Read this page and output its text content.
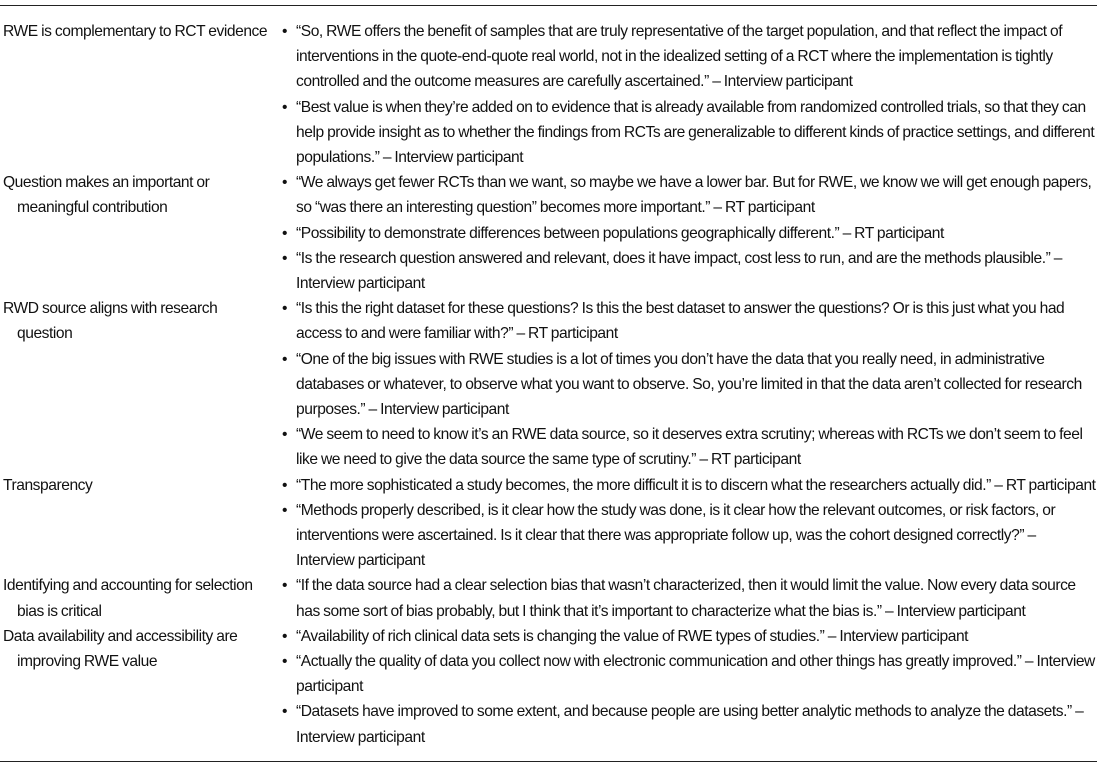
RWE is complementary to RCT evidence • “So, RWE offers the benefit of samples that are truly representative of the target population, and that reflect the impact of interventions in the quote-end-quote real world, not in the idealized setting of a RCT where the implementation is tightly controlled and the outcome measures are carefully ascertained.” – Interview participant
• “Best value is when they’re added on to evidence that is already available from randomized controlled trials, so that they can help provide insight as to whether the findings from RCTs are generalizable to different kinds of practice settings, and different populations.” – Interview participant
Question makes an important or meaningful contribution
• “We always get fewer RCTs than we want, so maybe we have a lower bar. But for RWE, we know we will get enough papers, so “was there an interesting question” becomes more important.” – RT participant
• “Possibility to demonstrate differences between populations geographically different.” – RT participant
• “Is the research question answered and relevant, does it have impact, cost less to run, and are the methods plausible.” – Interview participant
RWD source aligns with research question
• “Is this the right dataset for these questions? Is this the best dataset to answer the questions? Or is this just what you had access to and were familiar with?” – RT participant
• “One of the big issues with RWE studies is a lot of times you don’t have the data that you really need, in administrative databases or whatever, to observe what you want to observe. So, you’re limited in that the data aren’t collected for research purposes.” – Interview participant
• “We seem to need to know it’s an RWE data source, so it deserves extra scrutiny; whereas with RCTs we don’t seem to feel like we need to give the data source the same type of scrutiny.” – RT participant
Transparency	• “The more sophisticated a study becomes, the more difficult it is to discern what the researchers actually did.” – RT participant
• “Methods properly described, is it clear how the study was done, is it clear how the relevant outcomes, or risk factors, or interventions were ascertained. Is it clear that there was appropriate follow up, was the cohort designed correctly?” – Interview participant
Identifying and accounting for selection bias is critical
• “If the data source had a clear selection bias that wasn’t characterized, then it would limit the value. Now every data source has some sort of bias probably, but I think that it’s important to characterize what the bias is.” – Interview participant
Data availability and accessibility are improving RWE value
• “Availability of rich clinical data sets is changing the value of RWE types of studies.” – Interview participant
• “Actually the quality of data you collect now with electronic communication and other things has greatly improved.” – Interview participant
• “Datasets have improved to some extent, and because people are using better analytic methods to analyze the datasets.” – Interview participant
